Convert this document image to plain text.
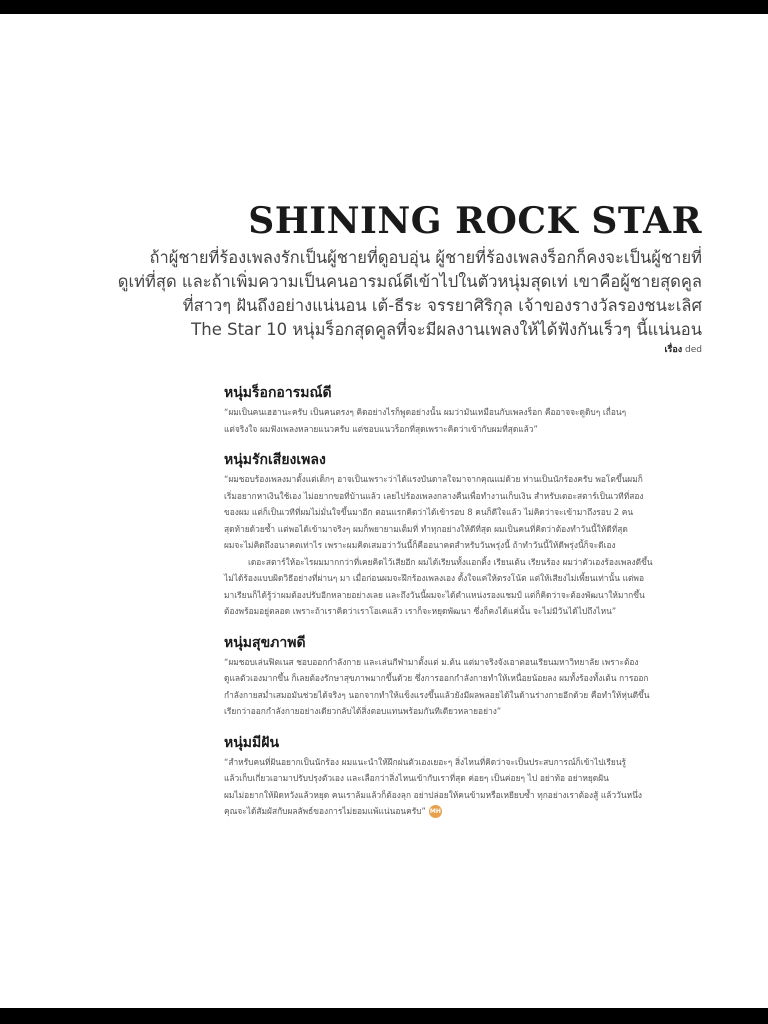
SHINING ROCK STAR

ถ้าผู้ชายที่ร้องเพลงรักเป็นผู้ชายที่ดูอบอุ่น ผู้ชายที่ร้องเพลงร็อกก็คงจะเป็นผู้ชายที่

ดูเท่ที่สุด และถ้าเพิ่มความเป็นคนอารมณ์ดีเข้าไปในตัวหนุ่มสุดเท่ เขาคือผู้ชายสุดคูล

ที่สาวๆ ฝันถึงอย่างแน่นอน เต้-ธีระ จรรยาศิริกุล เจ้าของรางวัลรองชนะเลิศ

The Star 10 หนุ่มร็อกสุดคูลที่จะมีผลงานเพลงให้ได้ฟังกันเร็วๆ นี้แน่นอน

เรื่อง ded
หนุ่มร็อกอารมณ์ดี

“ผมเป็นคนเฮฮานะครับ เป็นคนตรงๆ คิดอย่างไรก็พูดอย่างนั้น ผมว่ามันเหมือนกับเพลงร็อก คืออาจจะดูดิบๆ เถื่อนๆ

แต่จริงใจ ผมฟังเพลงหลายแนวครับ แต่ชอบแนวร็อกที่สุดเพราะคิดว่าเข้ากับผมที่สุดแล้ว”

หนุ่มรักเสียงเพลง

“ผมชอบร้องเพลงมาตั้งแต่เด็กๆ อาจเป็นเพราะว่าได้แรงบันดาลใจมาจากคุณแม่ด้วย ท่านเป็นนักร้องครับ พอโตขึ้นผมก็

เริ่มอยากหาเงินใช้เอง ไม่อยากขอที่บ้านแล้ว เลยไปร้องเพลงกลางคืนเพื่อทำงานเก็บเงิน สำหรับเดอะสตาร์เป็นเวทีที่สอง

ของผม แต่ก็เป็นเวทีที่ผมไม่มั่นใจขึ้นมาอีก ตอนแรกคิดว่าได้เข้ารอบ 8 คนก็ดีใจแล้ว ไม่คิดว่าจะเข้ามาถึงรอบ 2 คน

สุดท้ายด้วยซ้ำ แต่พอได้เข้ามาจริงๆ ผมก็พยายามเต็มที่ ทำทุกอย่างให้ดีที่สุด ผมเป็นคนที่คิดว่าต้องทำวันนี้ให้ดีที่สุด

ผมจะไม่คิดถึงอนาคตเท่าไร เพราะผมคิดเสมอว่าวันนี้ก็คืออนาคตสำหรับวันพรุ่งนี้ ถ้าทำวันนี้ให้ดีพรุ่งนี้ก็จะดีเอง

เดอะสตาร์ให้อะไรผมมากกว่าที่เคยคิดไว้เสียอีก ผมได้เรียนทั้งแอกติ้ง เรียนเต้น เรียนร้อง ผมว่าตัวเองร้องเพลงดีขึ้น

ไม่ได้ร้องแบบผิดวิธีอย่างที่ผ่านๆ มา เมื่อก่อนผมจะฝึกร้องเพลงเอง ตั้งใจแค่ให้ตรงโน้ต แต่ให้เสียงไม่เพี้ยนเท่านั้น แต่พอ

มาเรียนก็ได้รู้ว่าผมต้องปรับอีกหลายอย่างเลย และถึงวันนี้ผมจะได้ตำแหน่งรองแชมป์ แต่ก็คิดว่าจะต้องพัฒนาให้มากขึ้น

ต้องพร้อมอยู่ตลอด เพราะถ้าเราคิดว่าเราโอเคแล้ว เราก็จะหยุดพัฒนา ซึ่งก็คงได้แค่นั้น จะไม่มีวันได้ไปถึงไหน”

หนุ่มสุขภาพดี

“ผมชอบเล่นฟิตเนส ชอบออกกำลังกาย และเล่นกีฬามาตั้งแต่ ม.ต้น แต่มาจริงจังเอาตอนเรียนมหาวิทยาลัย เพราะต้อง

ดูแลตัวเองมากขึ้น ก็เลยต้องรักษาสุขภาพมากขึ้นด้วย ซึ่งการออกกำลังกายทำให้เหนื่อยน้อยลง ผมทั้งร้องทั้งเต้น การออก

กำลังกายสม่ำเสมอมันช่วยได้จริงๆ นอกจากทำให้แข็งแรงขึ้นแล้วยังมีผลพลอยได้ในด้านร่างกายอีกด้วย คือทำให้หุ่นดีขึ้น

เรียกว่าออกกำลังกายอย่างเดียวกลับได้สิ่งตอบแทนพร้อมกันทีเดียวหลายอย่าง”

หนุ่มมีฝัน

“สำหรับคนที่ฝันอยากเป็นนักร้อง ผมแนะนำให้ฝึกฝนตัวเองเยอะๆ สิ่งไหนที่คิดว่าจะเป็นประสบการณ์ก็เข้าไปเรียนรู้

แล้วเก็บเกี่ยวเอามาปรับปรุงตัวเอง และเลือกว่าสิ่งไหนเข้ากับเราที่สุด ค่อยๆ เป็นค่อยๆ ไป อย่าท้อ อย่าหยุดฝัน

ผมไม่อยากให้ผิดหวังแล้วหยุด คนเราล้มแล้วก็ต้องลุก อย่าปล่อยให้คนข้ามหรือเหยียบซ้ำ ทุกอย่างเราต้องสู้ แล้ววันหนึ่ง

คุณจะได้สัมผัสกับผลลัพธ์ของการไม่ยอมแพ้แน่นอนครับ” MH
